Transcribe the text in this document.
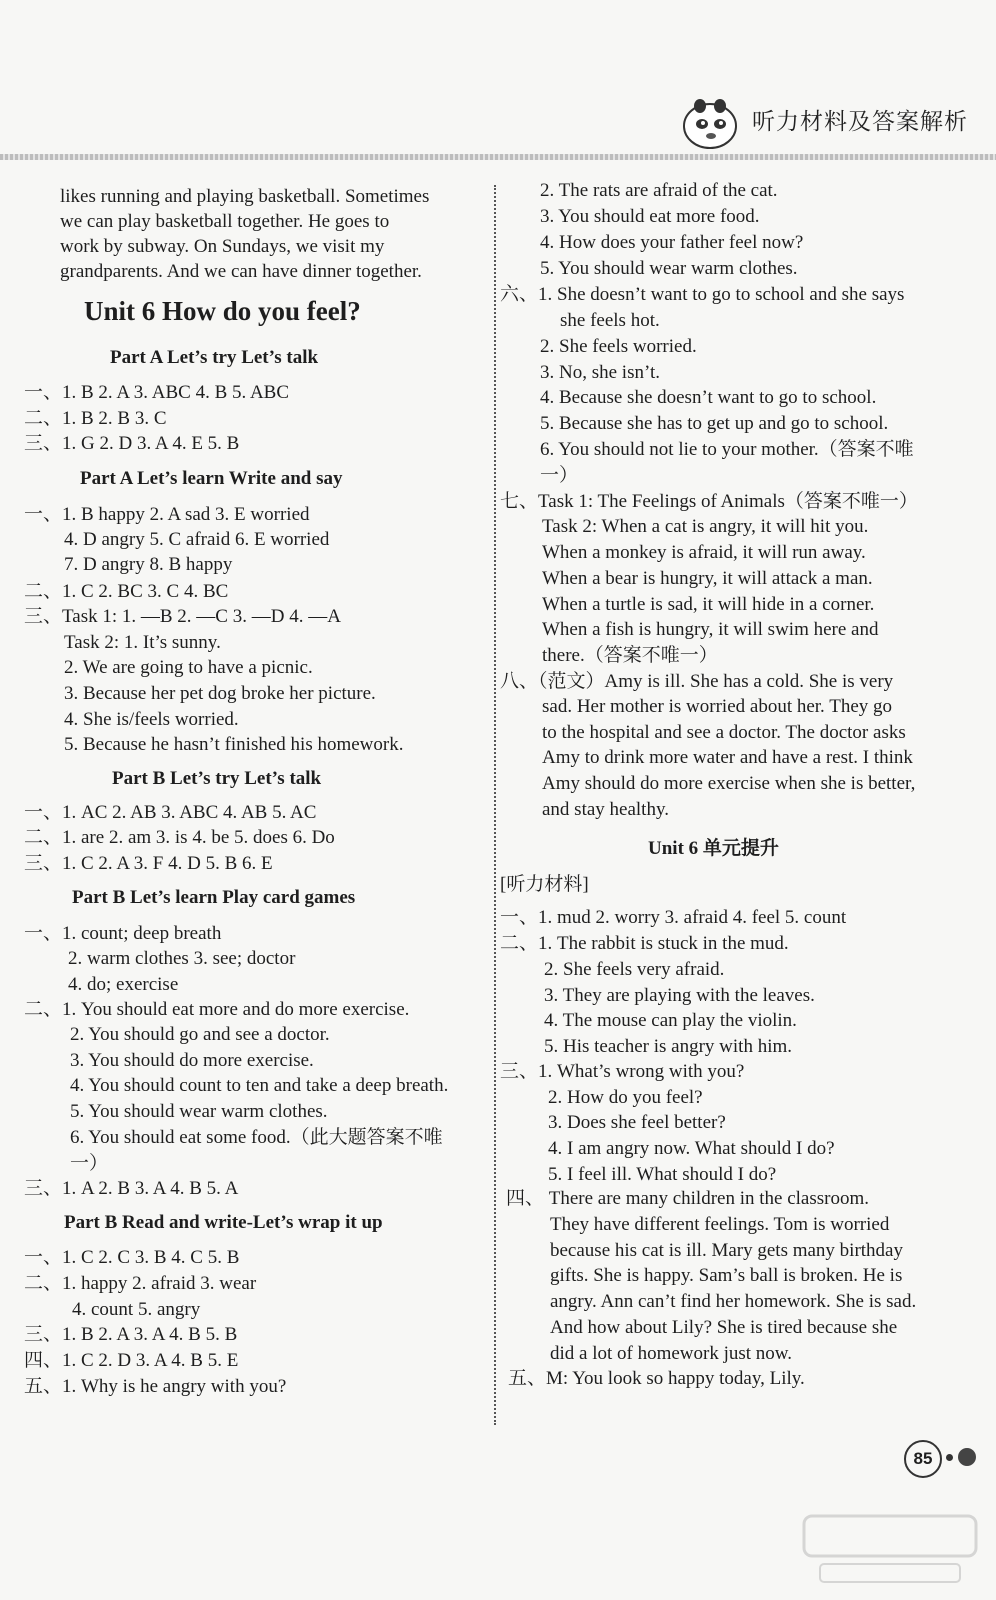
听力材料及答案解析
likes running and playing basketball. Sometimes
we can play basketball together. He goes to
work by subway. On Sundays, we visit my
grandparents. And we can have dinner together.
Unit 6 How do you feel?
Part A Let’s try Let’s talk
一、1. B 2. A 3. ABC 4. B 5. ABC
二、1. B 2. B 3. C
三、1. G 2. D 3. A 4. E 5. B
Part A Let’s learn Write and say
一、1. B happy 2. A sad 3. E worried
4. D angry 5. C afraid 6. E worried
7. D angry 8. B happy
二、1. C 2. BC 3. C 4. BC
三、Task 1: 1. —B 2. —C 3. —D 4. —A
Task 2: 1. It’s sunny.
2. We are going to have a picnic.
3. Because her pet dog broke her picture.
4. She is/feels worried.
5. Because he hasn’t finished his homework.
Part B Let’s try Let’s talk
一、1. AC 2. AB 3. ABC 4. AB 5. AC
二、1. are 2. am 3. is 4. be 5. does 6. Do
三、1. C 2. A 3. F 4. D 5. B 6. E
Part B Let’s learn Play card games
一、1. count; deep breath
2. warm clothes 3. see; doctor
4. do; exercise
二、1. You should eat more and do more exercise.
2. You should go and see a doctor.
3. You should do more exercise.
4. You should count to ten and take a deep breath.
5. You should wear warm clothes.
6. You should eat some food.（此大题答案不唯
一）
三、1. A 2. B 3. A 4. B 5. A
Part B Read and write-Let’s wrap it up
一、1. C 2. C 3. B 4. C 5. B
二、1. happy 2. afraid 3. wear
4. count 5. angry
三、1. B 2. A 3. A 4. B 5. B
四、1. C 2. D 3. A 4. B 5. E
五、1. Why is he angry with you?
2. The rats are afraid of the cat.
3. You should eat more food.
4. How does your father feel now?
5. You should wear warm clothes.
六、1. She doesn’t want to go to school and she says
she feels hot.
2. She feels worried.
3. No, she isn’t.
4. Because she doesn’t want to go to school.
5. Because she has to get up and go to school.
6. You should not lie to your mother.（答案不唯
一）
七、Task 1: The Feelings of Animals（答案不唯一）
Task 2: When a cat is angry, it will hit you.
When a monkey is afraid, it will run away.
When a bear is hungry, it will attack a man.
When a turtle is sad, it will hide in a corner.
When a fish is hungry, it will swim here and
there.（答案不唯一）
八、（范文）Amy is ill. She has a cold. She is very
sad. Her mother is worried about her. They go
to the hospital and see a doctor. The doctor asks
Amy to drink more water and have a rest. I think
Amy should do more exercise when she is better,
and stay healthy.
Unit 6 单元提升
[听力材料]
一、1. mud 2. worry 3. afraid 4. feel 5. count
二、1. The rabbit is stuck in the mud.
2. She feels very afraid.
3. They are playing with the leaves.
4. The mouse can play the violin.
5. His teacher is angry with him.
三、1. What’s wrong with you?
2. How do you feel?
3. Does she feel better?
4. I am angry now. What should I do?
5. I feel ill. What should I do?
四、 There are many children in the classroom.
They have different feelings. Tom is worried
because his cat is ill. Mary gets many birthday
gifts. She is happy. Sam’s ball is broken. He is
angry. Ann can’t find her homework. She is sad.
And how about Lily? She is tired because she
did a lot of homework just now.
五、M: You look so happy today, Lily.
85
